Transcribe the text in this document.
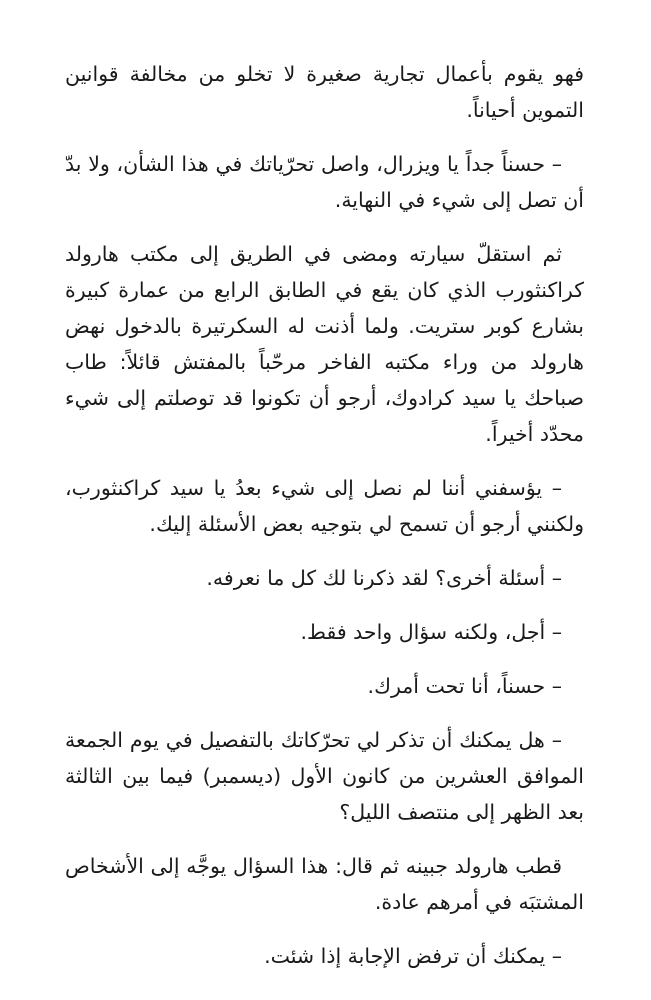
فهو يقوم بأعمال تجارية صغيرة لا تخلو من مخالفة قوانين التموين أحياناً.

– حسناً جداً يا ويزرال، واصل تحرّياتك في هذا الشأن، ولا بدّ أن تصل إلى شيء في النهاية.

ثم استقلّ سيارته ومضى في الطريق إلى مكتب هارولد كراكنثورب الذي كان يقع في الطابق الرابع من عمارة كبيرة بشارع كوبر ستريت. ولما أذنت له السكرتيرة بالدخول نهض هارولد من وراء مكتبه الفاخر مرحّباً بالمفتش قائلاً: طاب صباحك يا سيد كرادوك، أرجو أن تكونوا قد توصلتم إلى شيء محدّد أخيراً.

– يؤسفني أننا لم نصل إلى شيء بعدُ يا سيد كراكنثورب، ولكنني أرجو أن تسمح لي بتوجيه بعض الأسئلة إليك.

– أسئلة أخرى؟ لقد ذكرنا لك كل ما نعرفه.

– أجل، ولكنه سؤال واحد فقط.

– حسناً، أنا تحت أمرك.

– هل يمكنك أن تذكر لي تحرّكاتك بالتفصيل في يوم الجمعة الموافق العشرين من كانون الأول (ديسمبر) فيما بين الثالثة بعد الظهر إلى منتصف الليل؟

قطب هارولد جبينه ثم قال: هذا السؤال يوجَّه إلى الأشخاص المشتبَه في أمرهم عادة.

– يمكنك أن ترفض الإجابة إذا شئت.
